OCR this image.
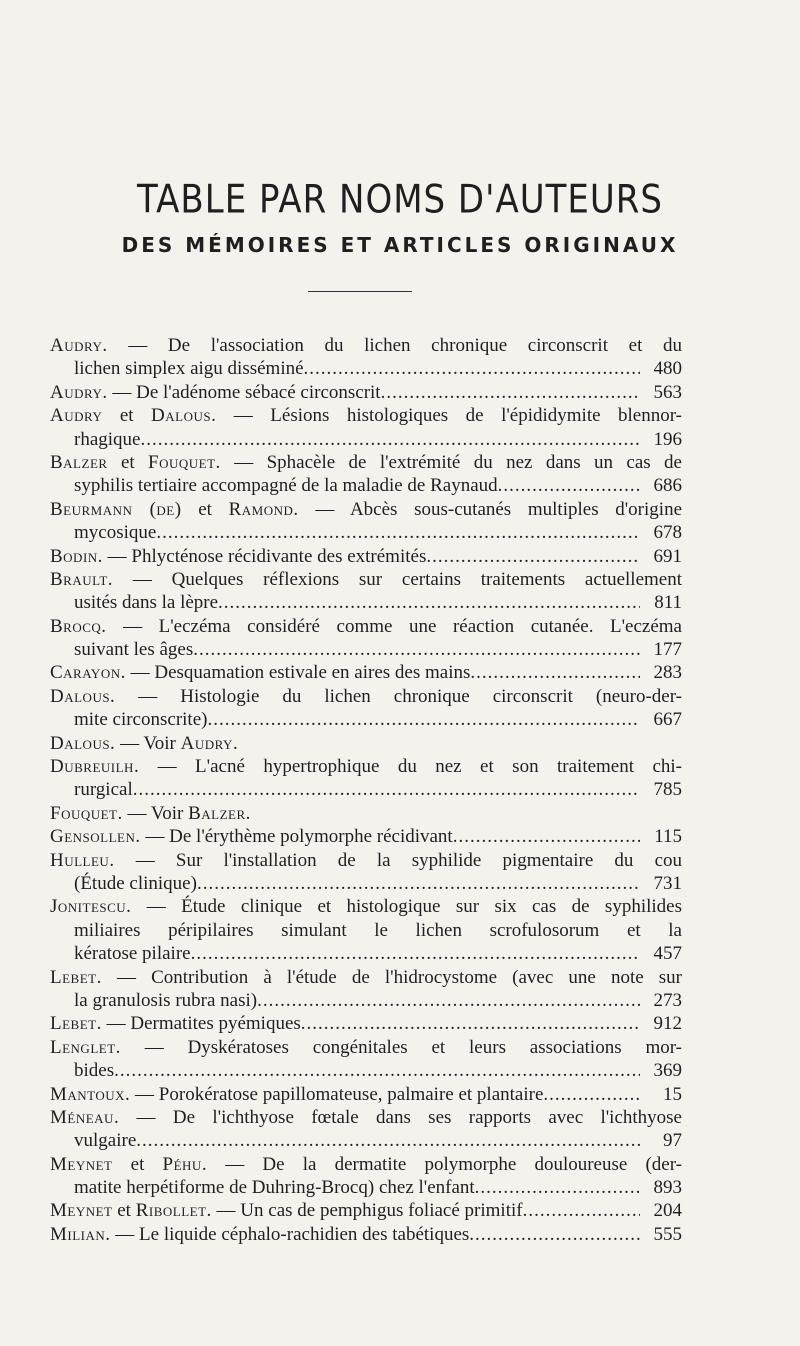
TABLE PAR NOMS D'AUTEURS
DES MÉMOIRES ET ARTICLES ORIGINAUX
Audry. — De l'association du lichen chronique circonscrit et du
lichen simplex aigu disséminé .....	480
Audry. — De l'adénome sébacé circonscrit .....	563
Audry et Dalous. — Lésions histologiques de l'épididymite blennor-
rhagique .....	196
Balzer et Fouquet. — Sphacèle de l'extrémité du nez dans un cas de
syphilis tertiaire accompagné de la maladie de Raynaud .....	686
Beurmann (de) et Ramond. — Abcès sous-cutanés multiples d'origine
mycosique .....	678
Bodin. — Phlycténose récidivante des extrémités .....	691
Brault. — Quelques réflexions sur certains traitements actuellement
usités dans la lèpre .....	811
Brocq. — L'eczéma considéré comme une réaction cutanée. L'eczéma
suivant les âges .....	177
Carayon. — Desquamation estivale en aires des mains .....	283
Dalous. — Histologie du lichen chronique circonscrit (neuro-der-
mite circonscrite) .....	667
Dalous. — Voir Audry.
Dubreuilh. — L'acné hypertrophique du nez et son traitement chi-
rurgical .....	785
Fouquet. — Voir Balzer.
Gensollen. — De l'érythème polymorphe récidivant .....	115
Hulleu. — Sur l'installation de la syphilide pigmentaire du cou
(Étude clinique) .....	731
Jonitescu. — Étude clinique et histologique sur six cas de syphilides
miliaires péripilaires simulant le lichen scrofulosorum et la
kératose pilaire .....	457
Lebet. — Contribution à l'étude de l'hidrocystome (avec une note sur
la granulosis rubra nasi) .....	273
Lebet. — Dermatites pyémiques .....	912
Lenglet. — Dyskératoses congénitales et leurs associations mor-
bides .....	369
Mantoux. — Porokératose papillomateuse, palmaire et plantaire .....	15
Méneau. — De l'ichthyose fœtale dans ses rapports avec l'ichthyose
vulgaire .....	97
Meynet et Péhu. — De la dermatite polymorphe douloureuse (der-
matite herpétiforme de Duhring-Brocq) chez l'enfant .....	893
Meynet et Ribollet. — Un cas de pemphigus foliacé primitif .....	204
Milian. — Le liquide céphalo-rachidien des tabétiques .....	555
